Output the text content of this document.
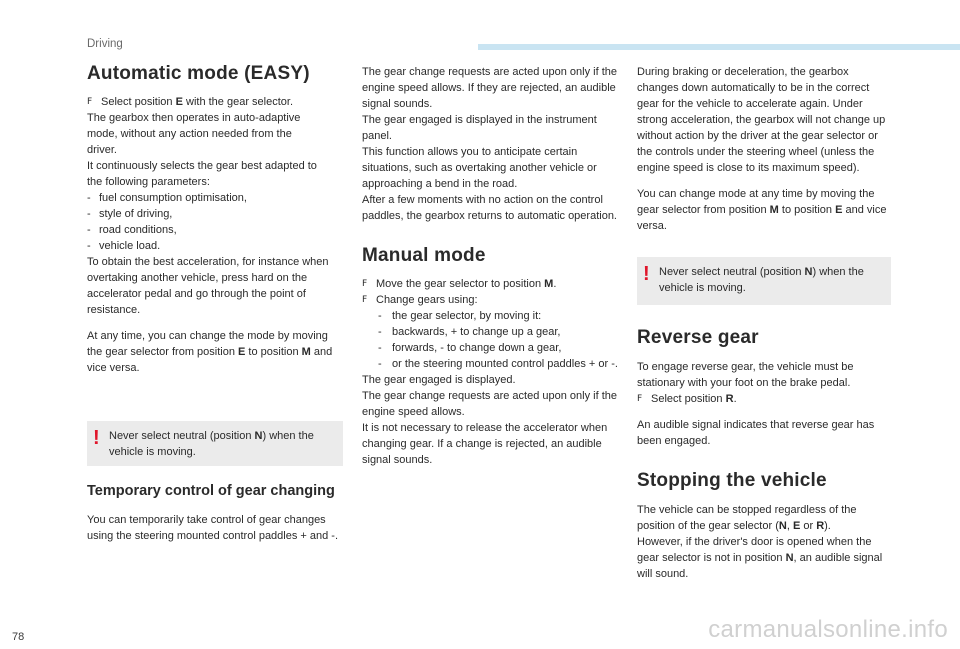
Driving
Automatic mode (EASY)

F Select position E with the gear selector.

The gearbox then operates in auto-adaptive

mode, without any action needed from the

driver.

It continuously selects the gear best adapted to

the following parameters:

- fuel consumption optimisation,
- style of driving,
- road conditions,
- vehicle load.

To obtain the best acceleration, for instance when overtaking another vehicle, press hard on the accelerator pedal and go through the point of resistance.

At any time, you can change the mode by moving the gear selector from position E to position M and vice versa.

! Never select neutral (position N) when the vehicle is moving.
Temporary control of gear changing

You can temporarily take control of gear changes using the steering mounted control paddles + and -.

The gear change requests are acted upon only if the engine speed allows. If they are rejected, an audible signal sounds.

The gear engaged is displayed in the instrument panel.

This function allows you to anticipate certain situations, such as overtaking another vehicle or approaching a bend in the road.

After a few moments with no action on the control paddles, the gearbox returns to automatic operation.

Manual mode

F Move the gear selector to position M.

F Change gears using:

- the gear selector, by moving it:
- backwards, + to change up a gear,
- forwards, - to change down a gear,
- or the steering mounted control paddles + or -.

The gear engaged is displayed.

The gear change requests are acted upon only if the engine speed allows.

It is not necessary to release the accelerator when changing gear. If a change is rejected, an audible signal sounds.

During braking or deceleration, the gearbox changes down automatically to be in the correct gear for the vehicle to accelerate again. Under strong acceleration, the gearbox will not change up without action by the driver at the gear selector or the controls under the steering wheel (unless the engine speed is close to its maximum speed).

You can change mode at any time by moving the gear selector from position M to position E and vice versa.

! Never select neutral (position N) when the vehicle is moving.
Reverse gear

To engage reverse gear, the vehicle must be stationary with your foot on the brake pedal.

F Select position R.

An audible signal indicates that reverse gear has been engaged.

Stopping the vehicle

The vehicle can be stopped regardless of the position of the gear selector (N, E or R).

However, if the driver's door is opened when the gear selector is not in position N, an audible signal will sound.

78	carmanualsonline.info
